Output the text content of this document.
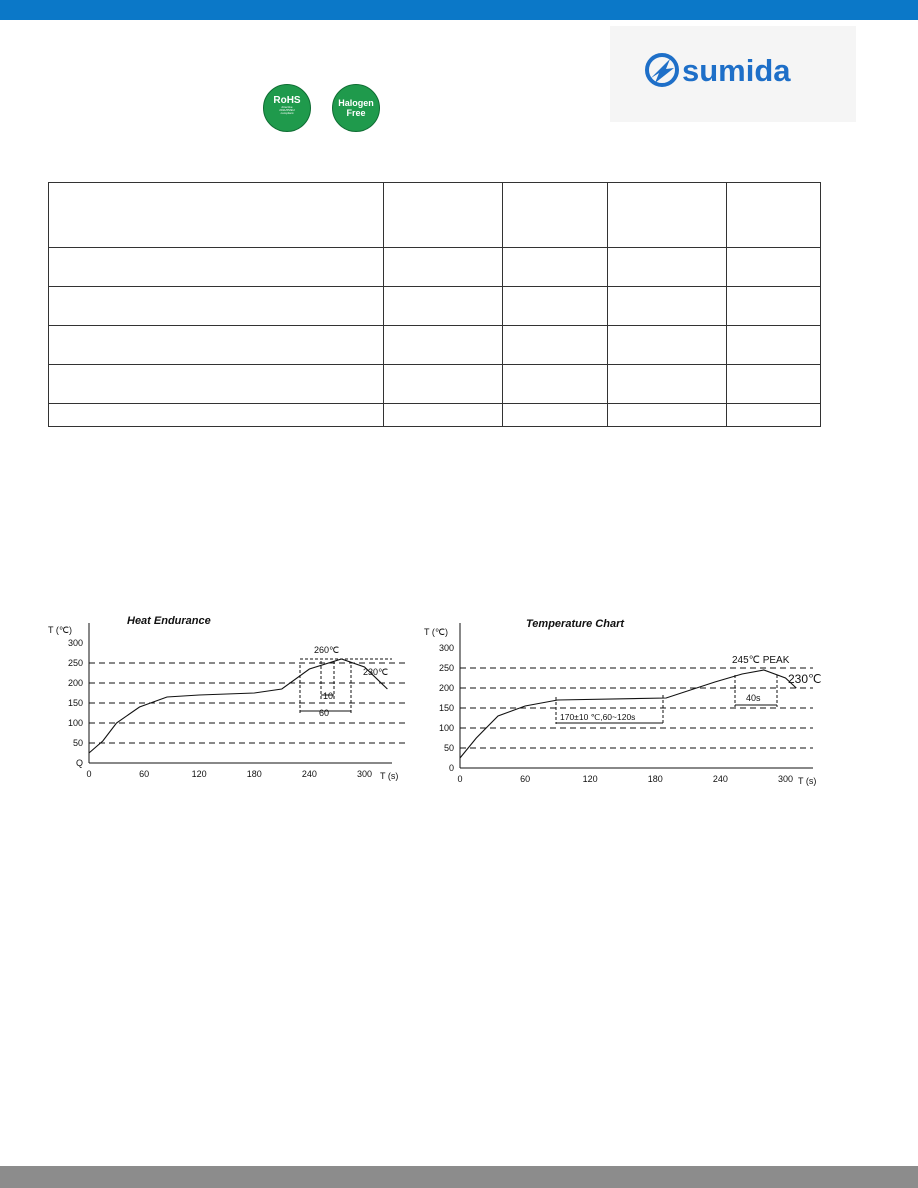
sumida
RoHS
directive
2011/65/EU
compliant
Halogen
Free

Heat Endurance
T (℃)
T (s)
Q
50
100
150
200
250
300
0	60	120	180	240	300
260℃
230℃
10
60
Temperature Chart
T (℃)
T (s)
0
50
100
150
200
250
300
0	60	120	180	240	300
170±10 ℃,60~120s
40s
245℃ PEAK
230℃
